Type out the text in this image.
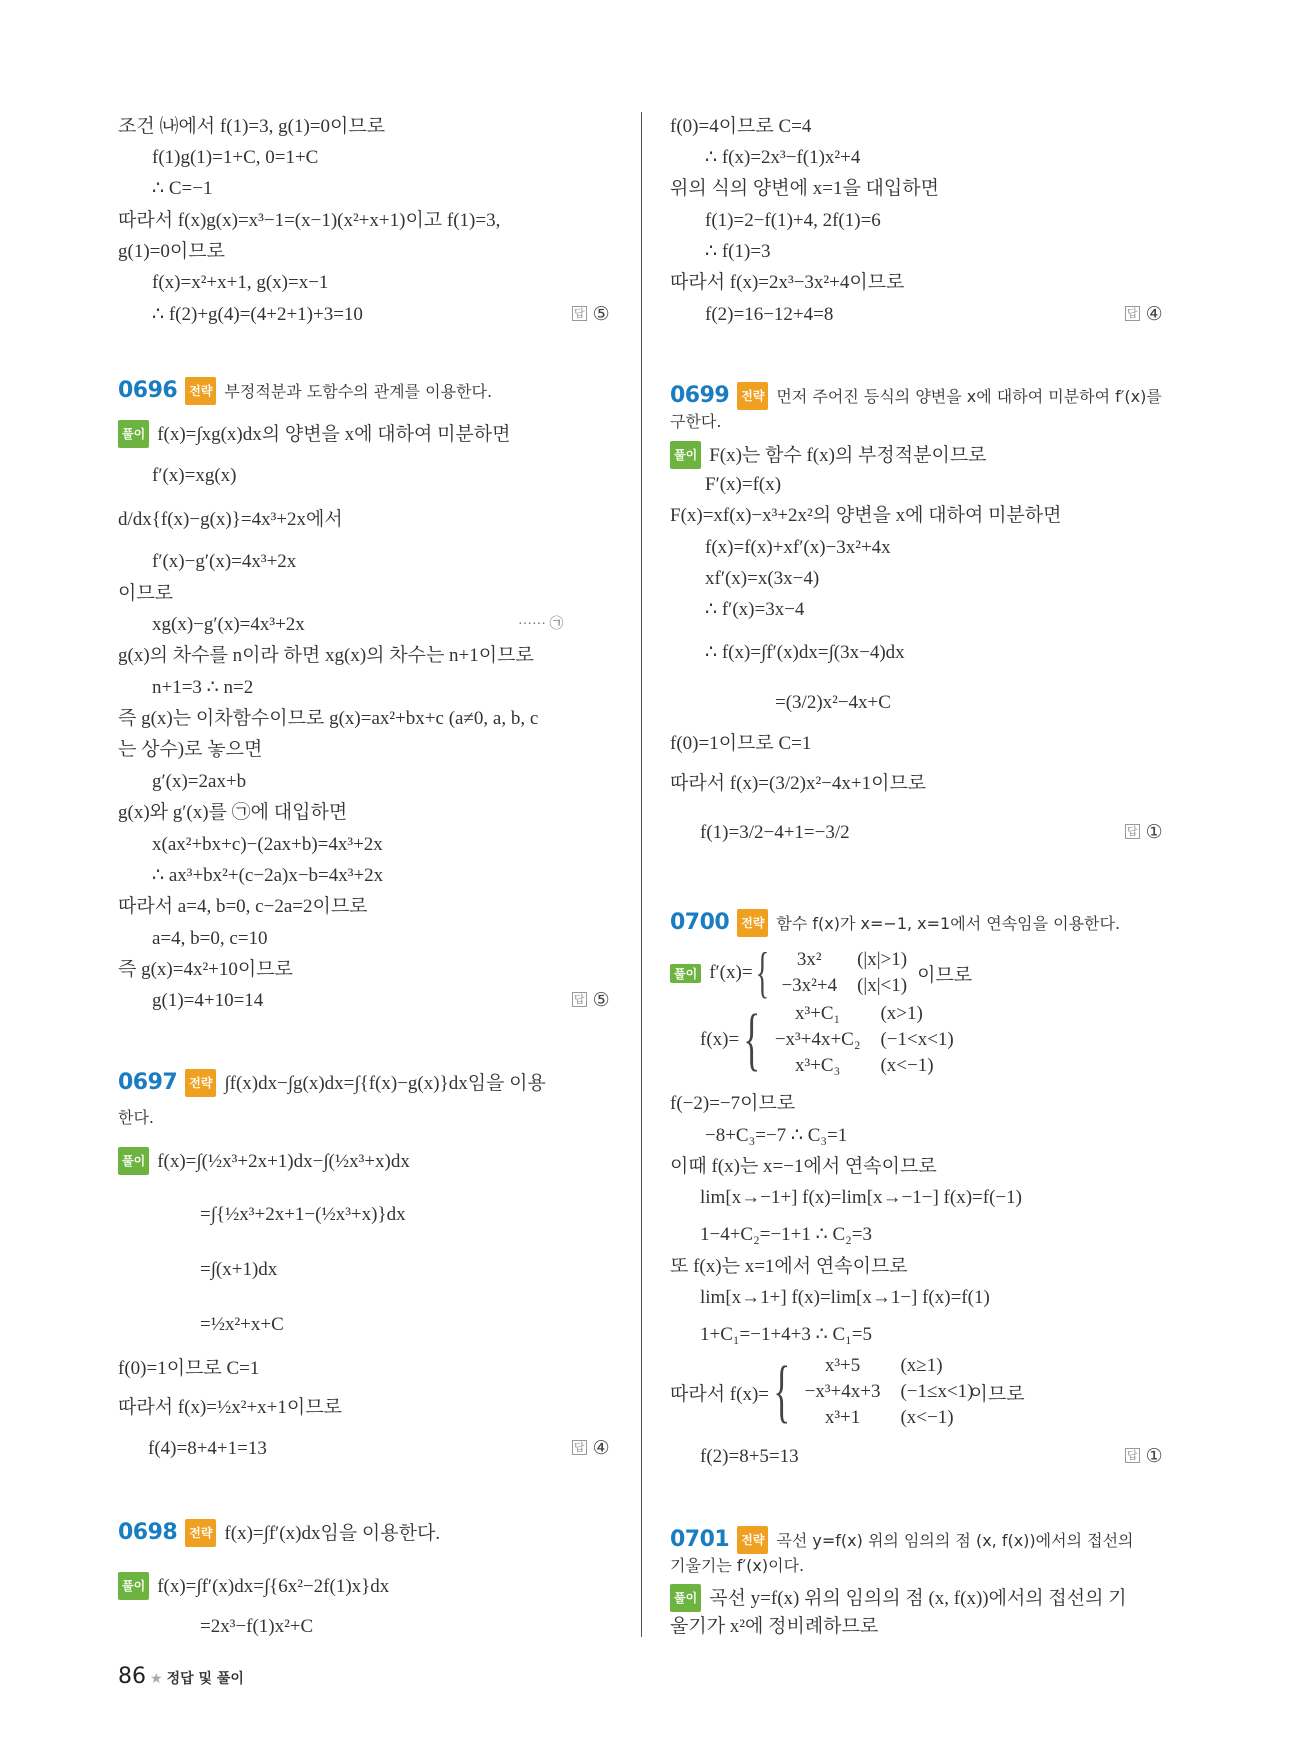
조건 ㈏에서 f(1)=3, g(1)=0이므로
f(1)g(1)=1+C, 0=1+C
∴ C=−1
따라서 f(x)g(x)=x³−1=(x−1)(x²+x+1)이고 f(1)=3,
g(1)=0이므로
f(x)=x²+x+1, g(x)=x−1
∴ f(2)+g(4)=(4+2+1)+3=10	답 ⑤
0696 전략 부정적분과 도함수의 관계를 이용한다.
풀이 f(x)=∫xg(x)dx의 양변을 x에 대하여 미분하면
f′(x)=xg(x)
d/dx{f(x)−g(x)}=4x³+2x에서
f′(x)−g′(x)=4x³+2x
이므로
xg(x)−g′(x)=4x³+2x	······ ㉠
g(x)의 차수를 n이라 하면 xg(x)의 차수는 n+1이므로
n+1=3 ∴ n=2
즉 g(x)는 이차함수이므로 g(x)=ax²+bx+c (a≠0, a, b, c
는 상수)로 놓으면
g′(x)=2ax+b
g(x)와 g′(x)를 ㉠에 대입하면
x(ax²+bx+c)−(2ax+b)=4x³+2x
∴ ax³+bx²+(c−2a)x−b=4x³+2x
따라서 a=4, b=0, c−2a=2이므로
a=4, b=0, c=10
즉 g(x)=4x²+10이므로
g(1)=4+10=14	답 ⑤
0697 전략 ∫f(x)dx−∫g(x)dx=∫{f(x)−g(x)}dx임을 이용
한다.
풀이 f(x)=∫(½x³+2x+1)dx−∫(½x³+x)dx
=∫{½x³+2x+1−(½x³+x)}dx
=∫(x+1)dx
=½x²+x+C
f(0)=1이므로 C=1
따라서 f(x)=½x²+x+1이므로
f(4)=8+4+1=13	답 ④
0698 전략 f(x)=∫f′(x)dx임을 이용한다.
풀이 f(x)=∫f′(x)dx=∫{6x²−2f(1)x}dx
=2x³−f(1)x²+C
f(0)=4이므로 C=4
∴ f(x)=2x³−f(1)x²+4
위의 식의 양변에 x=1을 대입하면
f(1)=2−f(1)+4, 2f(1)=6
∴ f(1)=3
따라서 f(x)=2x³−3x²+4이므로
f(2)=16−12+4=8	답 ④
0699 전략 먼저 주어진 등식의 양변을 x에 대하여 미분하여 f′(x)를
구한다.
풀이 F(x)는 함수 f(x)의 부정적분이므로
F′(x)=f(x)
F(x)=xf(x)−x³+2x²의 양변을 x에 대하여 미분하면
f(x)=f(x)+xf′(x)−3x²+4x
xf′(x)=x(3x−4)
∴ f′(x)=3x−4
∴ f(x)=∫f′(x)dx=∫(3x−4)dx
=(3/2)x²−4x+C
f(0)=1이므로 C=1
따라서 f(x)=(3/2)x²−4x+1이므로
f(1)=3/2−4+1=−3/2	답 ①
0700 전략 함수 f(x)가 x=−1, x=1에서 연속임을 이용한다.
풀이 f′(x)= { 3x²	(|x|>1)
−3x²+4	(|x|<1) 이므로
f(x)= { x³+C₁	(x>1)
−x³+4x+C₂	(−1<x<1)
x³+C₃	(x<−1)
f(−2)=−7이므로
−8+C₃=−7 ∴ C₃=1
이때 f(x)는 x=−1에서 연속이므로
lim[x→−1+] f(x)=lim[x→−1−] f(x)=f(−1)
1−4+C₂=−1+1 ∴ C₂=3
또 f(x)는 x=1에서 연속이므로
lim[x→1+] f(x)=lim[x→1−] f(x)=f(1)
1+C₁=−1+4+3 ∴ C₁=5
따라서 f(x)= { x³+5	(x≥1)
−x³+4x+3	(−1≤x<1)
x³+1	(x<−1)
이므로
f(2)=8+5=13	답 ①
0701 전략 곡선 y=f(x) 위의 임의의 점 (x, f(x))에서의 접선의
기울기는 f′(x)이다.
풀이 곡선 y=f(x) 위의 임의의 점 (x, f(x))에서의 접선의 기
울기가 x²에 정비례하므로
86 ★ 정답 및 풀이
